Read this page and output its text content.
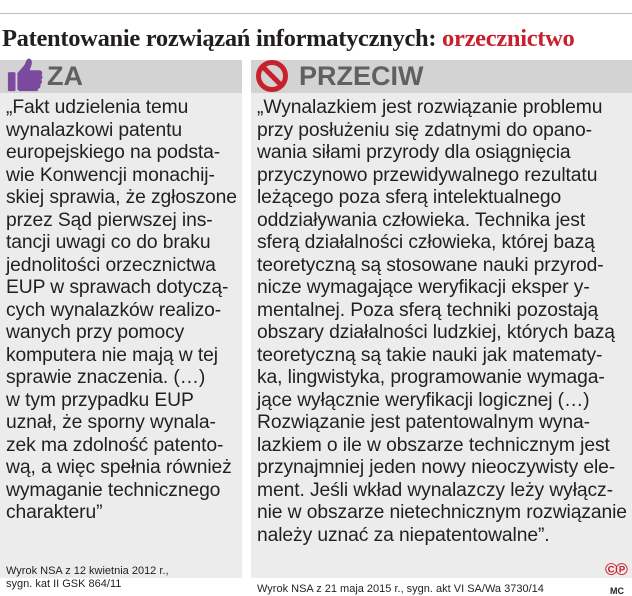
Patentowanie rozwiązań informatycznych: orzecznictwo
ZA

„Fakt udzielenia temu
wynalazkowi patentu
europejskiego na podsta-
wie Konwencji monachij-
skiej sprawia, że zgłoszone
przez Sąd pierwszej ins-
tancji uwagi co do braku
jednolitości orzecznictwa
EUP w sprawach dotyczą-
cych wynalazków realizo-
wanych przy pomocy
komputera nie mają w tej
sprawie znaczenia. (…)
w tym przypadku EUP
uznał, że sporny wynala-
zek ma zdolność patento-
wą, a więc spełnia również
wymaganie technicznego
charakteru”

Wyrok NSA z 12 kwietnia 2012 r.,
sygn. kat II GSK 864/11
PRZECIW

„Wynalazkiem jest rozwiązanie problemu
przy posłużeniu się zdatnymi do opano-
wania siłami przyrody dla osiągnięcia
przyczynowo przewidywalnego rezultatu
leżącego poza sferą intelektualnego
oddziaływania człowieka. Technika jest
sferą działalności człowieka, której bazą
teoretyczną są stosowane nauki przyrod-
nicze wymagające weryfikacji eksper y-
mentalnej. Poza sferą techniki pozostają
obszary działalności ludzkiej, których bazą
teoretyczną są takie nauki jak matematy-
ka, lingwistyka, programowanie wymaga-
jące wyłącznie weryfikacji logicznej (…)
Rozwiązanie jest patentowalnym wyna-
lazkiem o ile w obszarze technicznym jest
przynajmniej jeden nowy nieoczywisty ele-
ment. Jeśli wkład wynalazczy leży wyłącz-
nie w obszarze nietechnicznym rozwiązanie
należy uznać za niepatentowalne”.

©℗
Wyrok NSA z 21 maja 2015 r., sygn. akt VI SA/Wa 3730/14	MC
